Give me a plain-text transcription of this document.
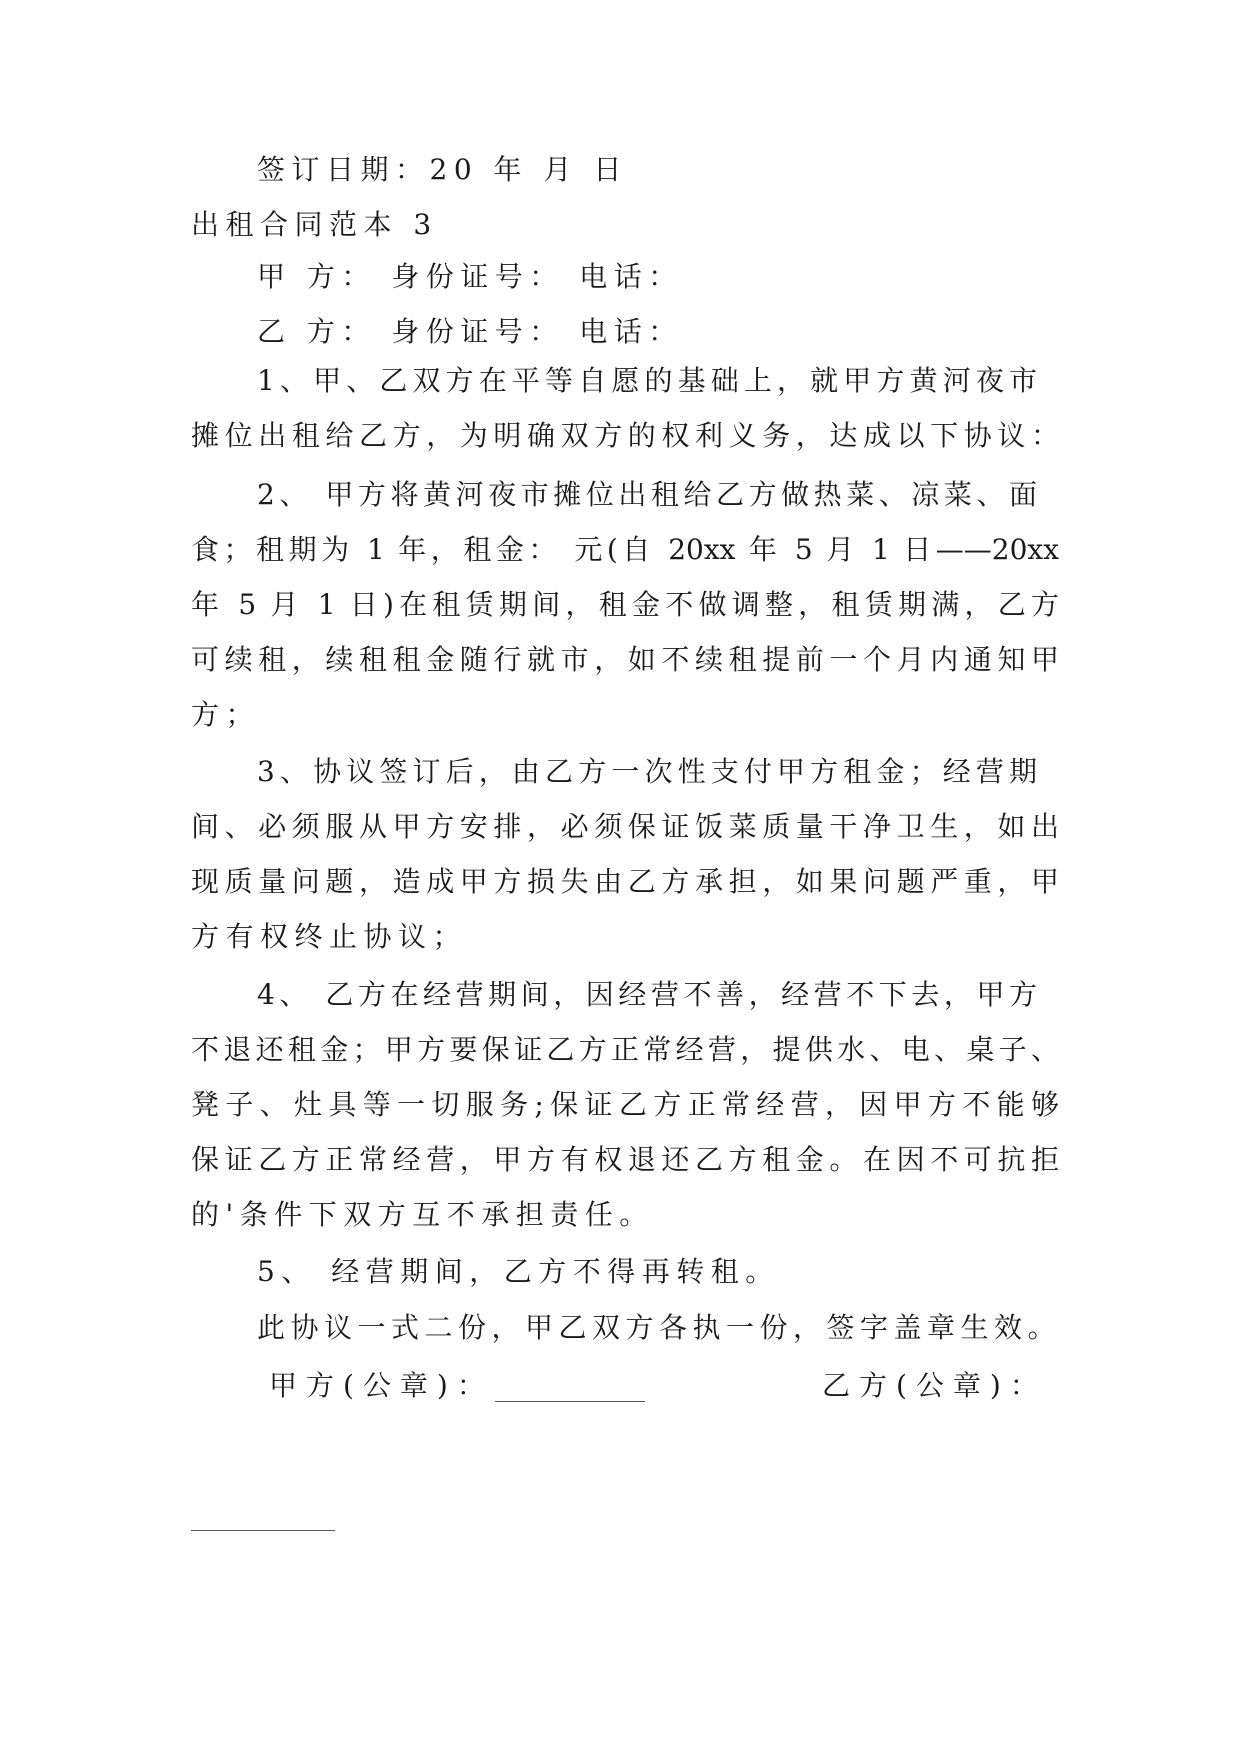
签订日期：20 年 月 日
出租合同范本 3
甲 方： 身份证号： 电话：
乙 方： 身份证号： 电话：
1、甲、乙双方在平等自愿的基础上，就甲方黄河夜市
摊位出租给乙方，为明确双方的权利义务，达成以下协议：
2、 甲方将黄河夜市摊位出租给乙方做热菜、凉菜、面
食；租期为 1 年，租金： 元(自 20xx 年 5 月 1 日——20xx
年 5 月 1 日)在租赁期间，租金不做调整，租赁期满，乙方
可续租，续租租金随行就市，如不续租提前一个月内通知甲
方；
3、协议签订后，由乙方一次性支付甲方租金；经营期
间、必须服从甲方安排，必须保证饭菜质量干净卫生，如出
现质量问题，造成甲方损失由乙方承担，如果问题严重，甲
方有权终止协议；
4、 乙方在经营期间，因经营不善，经营不下去，甲方
不退还租金；甲方要保证乙方正常经营，提供水、电、桌子、
凳子、灶具等一切服务;保证乙方正常经营，因甲方不能够
保证乙方正常经营，甲方有权退还乙方租金。在因不可抗拒
的'条件下双方互不承担责任。
5、 经营期间，乙方不得再转租。
此协议一式二份，甲乙双方各执一份，签字盖章生效。
甲方(公章)：	乙方(公章)：
